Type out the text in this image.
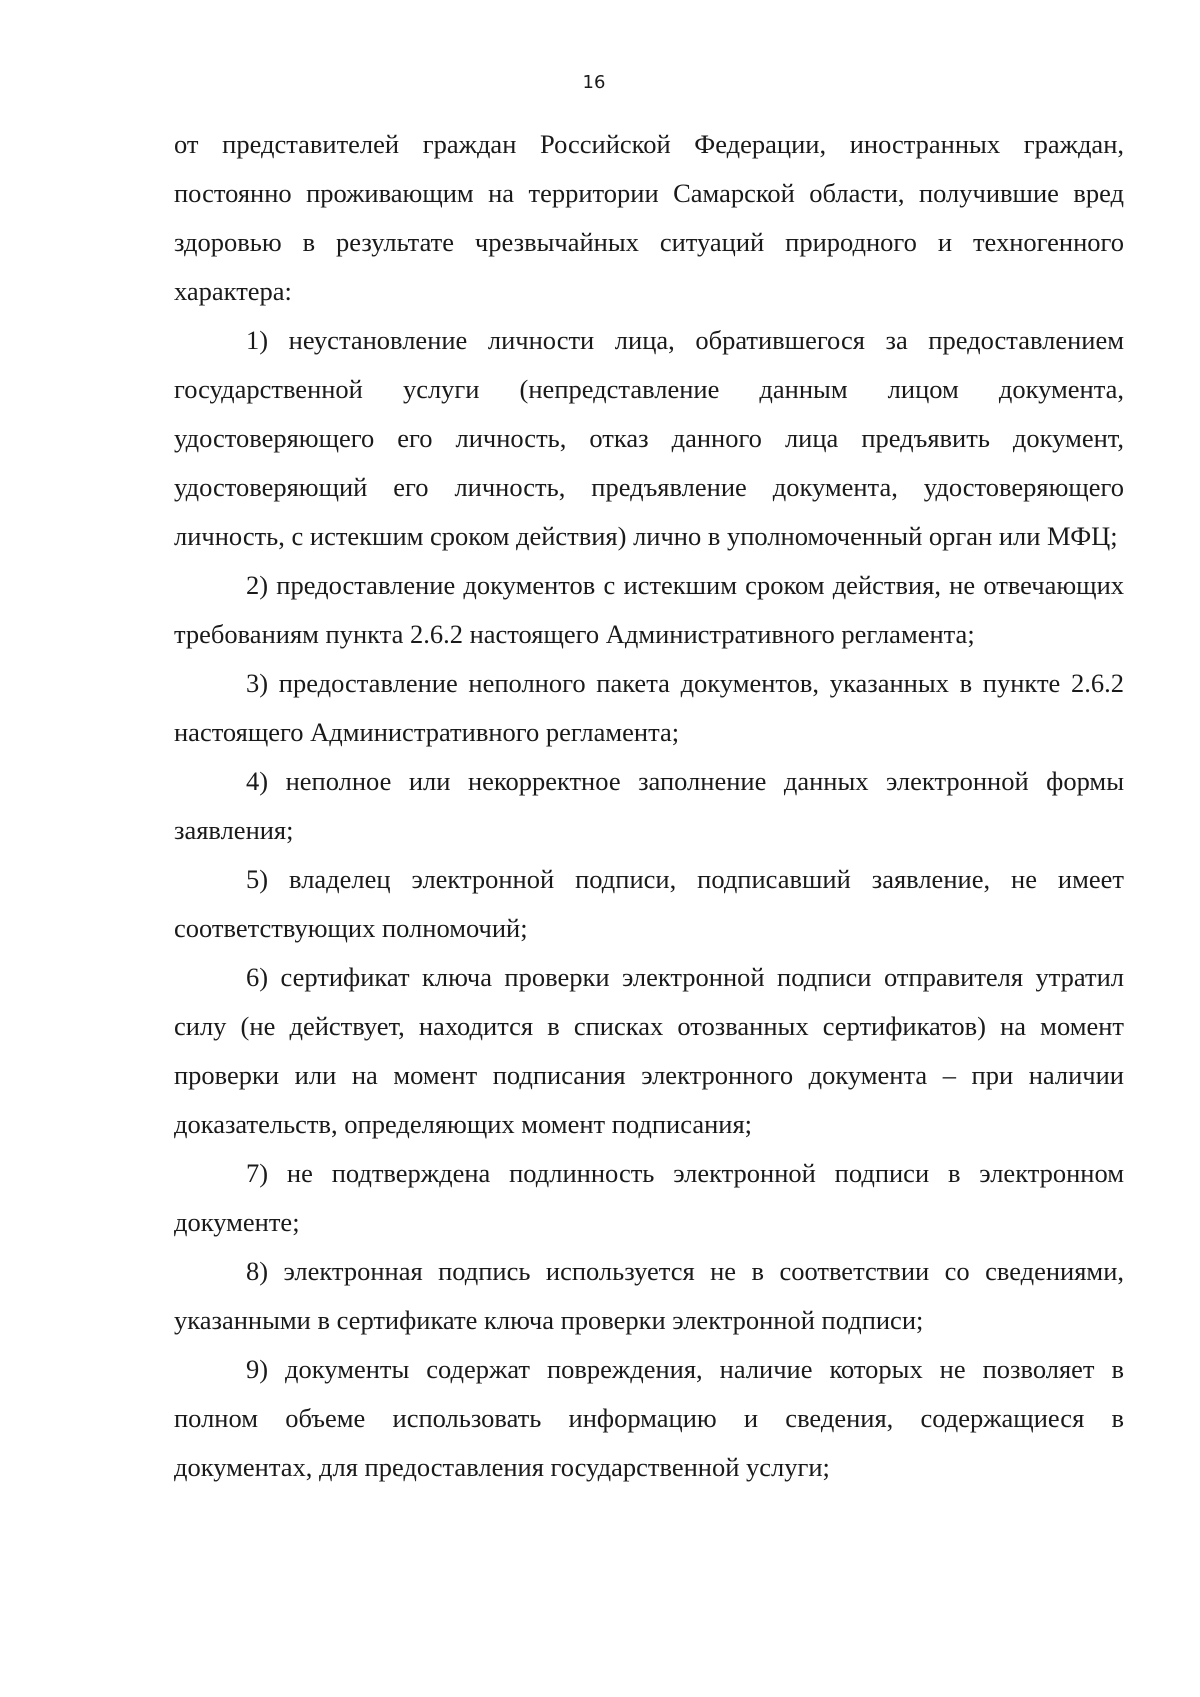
16

от представителей граждан Российской Федерации, иностранных граждан, постоянно проживающим на территории Самарской области, получившие вред здоровью в результате чрезвычайных ситуаций природного и техногенного характера:

1) неустановление личности лица, обратившегося за предоставлением государственной услуги (непредставление данным лицом документа, удостоверяющего его личность, отказ данного лица предъявить документ, удостоверяющий его личность, предъявление документа, удостоверяющего личность, с истекшим сроком действия) лично в уполномоченный орган или МФЦ;

2) предоставление документов с истекшим сроком действия, не отвечающих требованиям пункта 2.6.2 настоящего Административного регламента;

3) предоставление неполного пакета документов, указанных в пункте 2.6.2 настоящего Административного регламента;

4) неполное или некорректное заполнение данных электронной формы заявления;

5) владелец электронной подписи, подписавший заявление, не имеет соответствующих полномочий;

6) сертификат ключа проверки электронной подписи отправителя утратил силу (не действует, находится в списках отозванных сертификатов) на момент проверки или на момент подписания электронного документа – при наличии доказательств, определяющих момент подписания;

7) не подтверждена подлинность электронной подписи в электронном документе;

8) электронная подпись используется не в соответствии со сведениями, указанными в сертификате ключа проверки электронной подписи;

9) документы содержат повреждения, наличие которых не позволяет в полном объеме использовать информацию и сведения, содержащиеся в документах, для предоставления государственной услуги;
